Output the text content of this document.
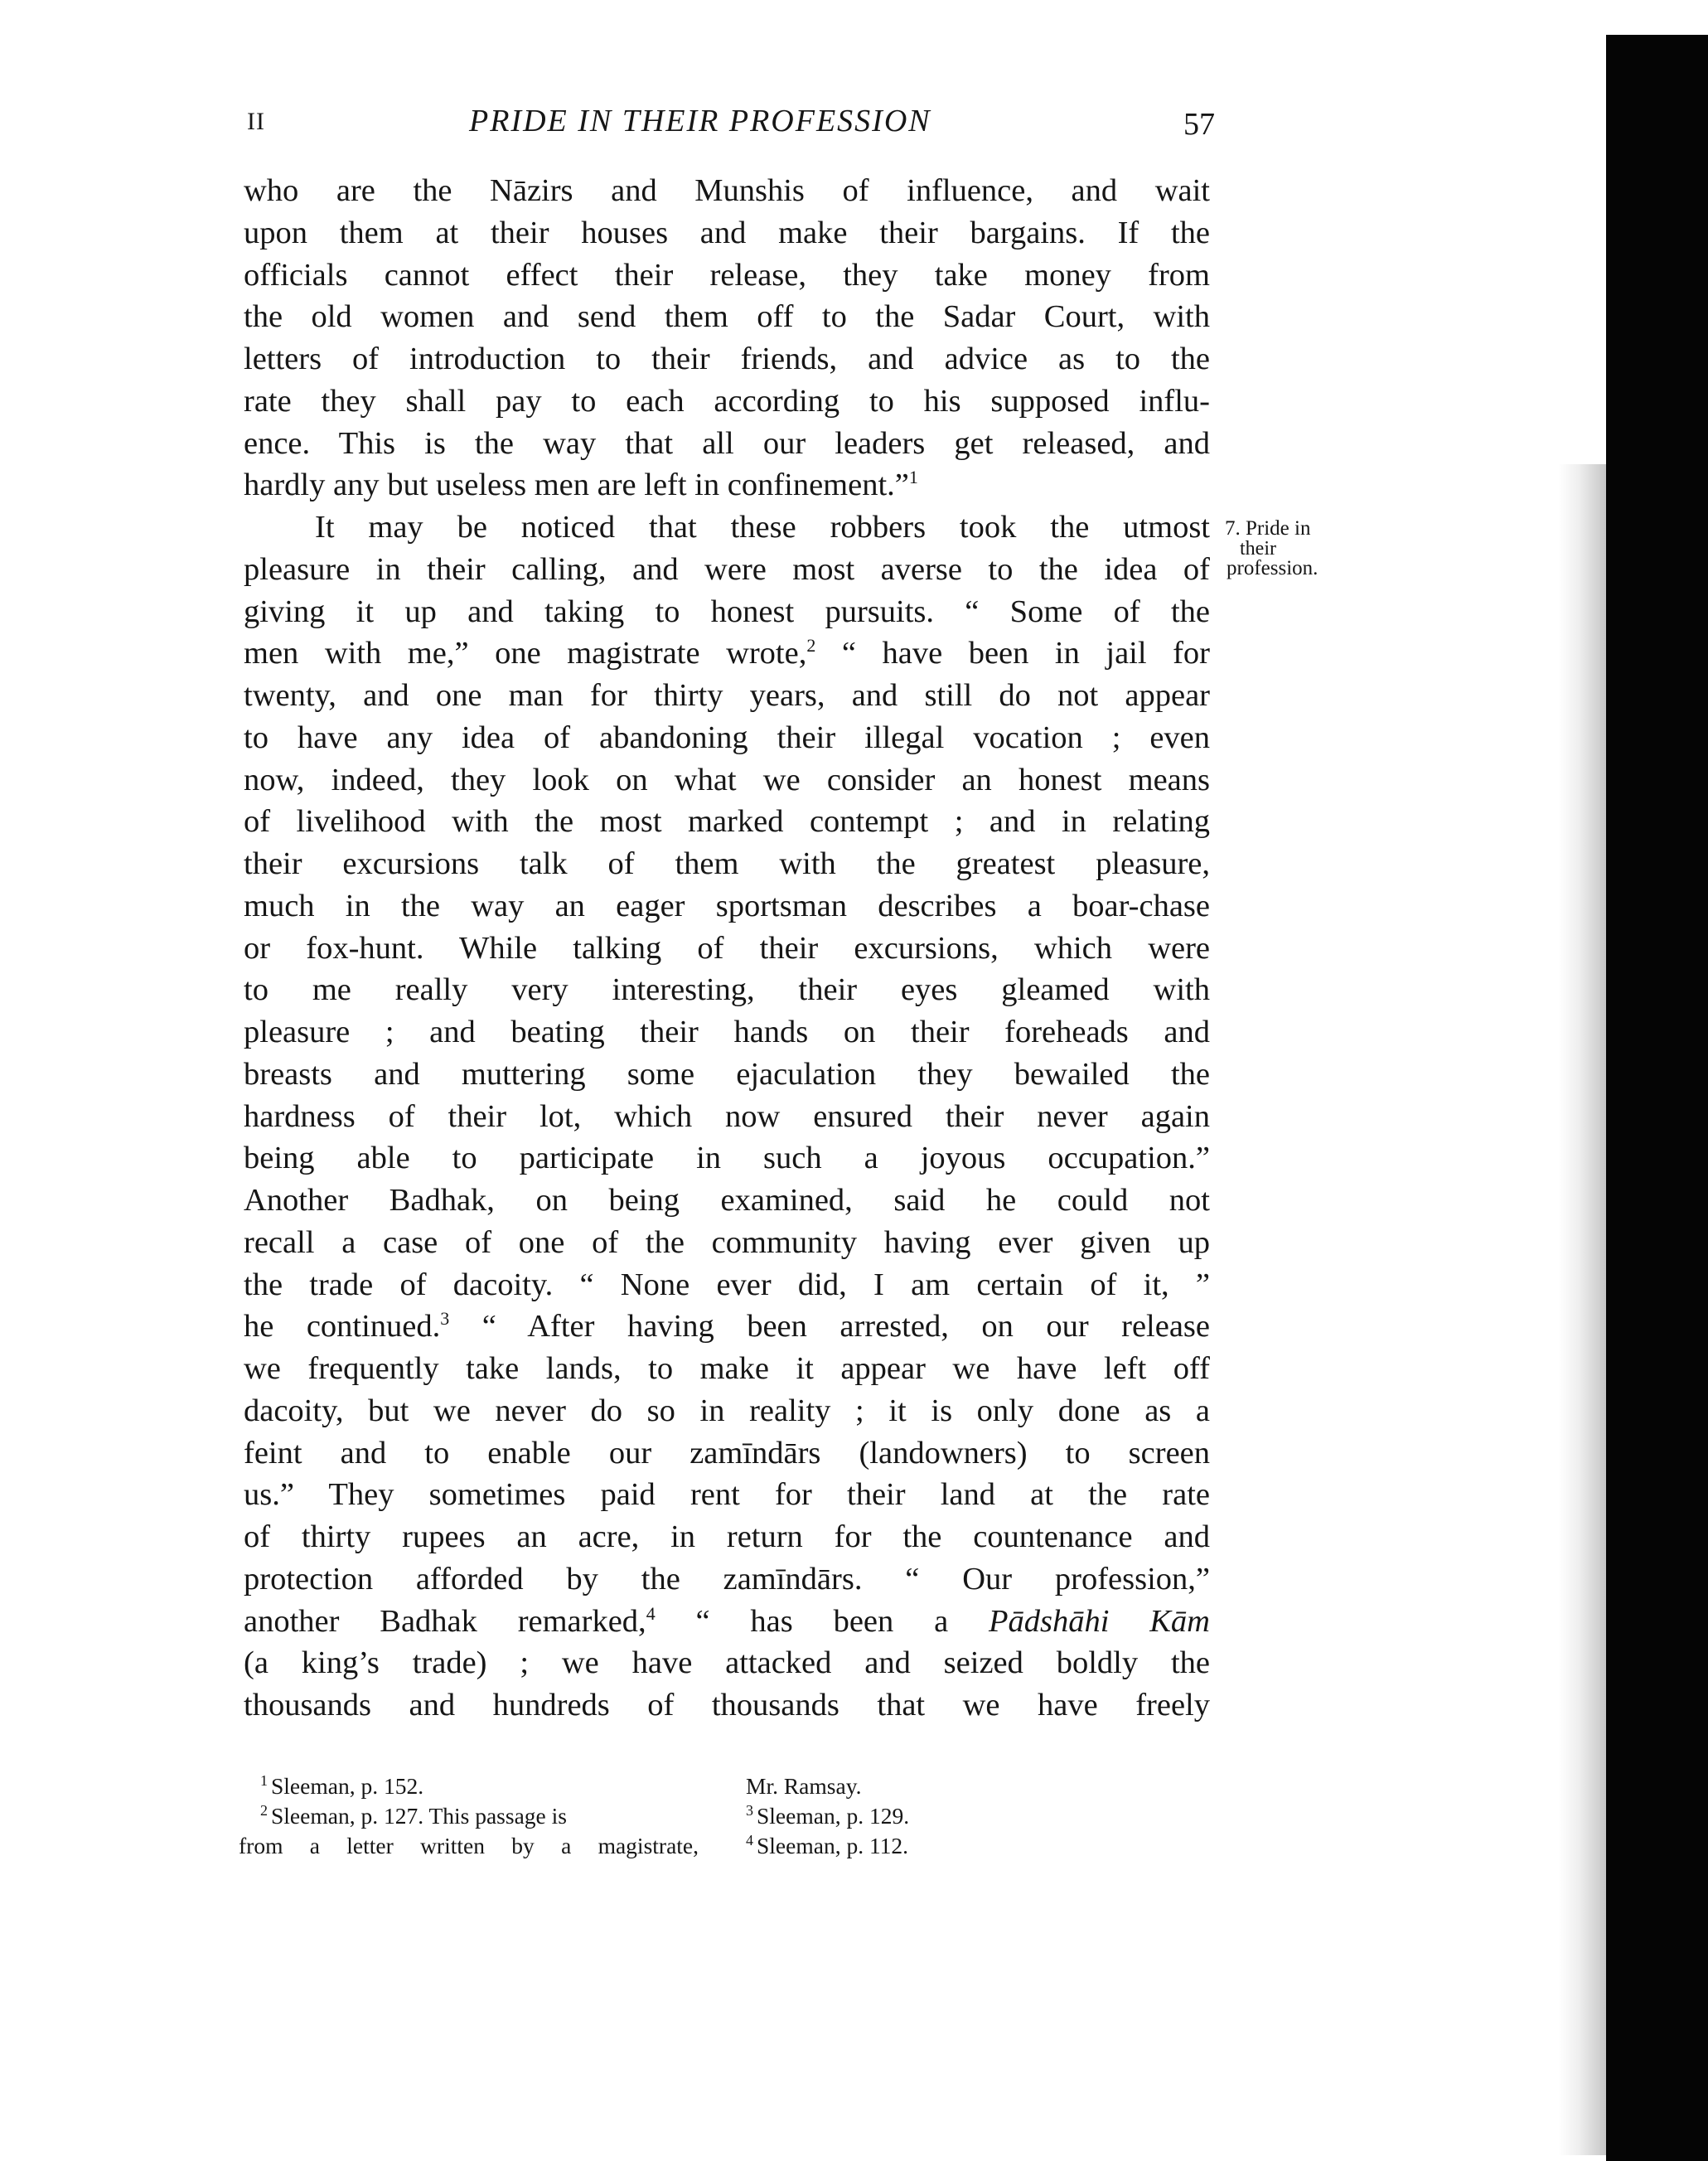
II	PRIDE IN THEIR PROFESSION	57
who are the Nāzirs and Munshis of influence, and wait
upon them at their houses and make their bargains. If the
officials cannot effect their release, they take money from
the old women and send them off to the Sadar Court, with
letters of introduction to their friends, and advice as to the
rate they shall pay to each according to his supposed influ-
ence. This is the way that all our leaders get released, and
hardly any but useless men are left in confinement.”$^1$
It may be noticed that these robbers took the utmost
pleasure in their calling, and were most averse to the idea of
giving it up and taking to honest pursuits. “ Some of the
men with me,” one magistrate wrote,$^2$ “ have been in jail for
twenty, and one man for thirty years, and still do not appear
to have any idea of abandoning their illegal vocation ; even
now, indeed, they look on what we consider an honest means
of livelihood with the most marked contempt ; and in relating
their excursions talk of them with the greatest pleasure,
much in the way an eager sportsman describes a boar-chase
or fox-hunt. While talking of their excursions, which were
to me really very interesting, their eyes gleamed with
pleasure ; and beating their hands on their foreheads and
breasts and muttering some ejaculation they bewailed the
hardness of their lot, which now ensured their never again
being able to participate in such a joyous occupation.”
Another Badhak, on being examined, said he could not
recall a case of one of the community having ever given up
the trade of dacoity. “ None ever did, I am certain of it, ”
he continued.$^3$ “ After having been arrested, on our release
we frequently take lands, to make it appear we have left off
dacoity, but we never do so in reality ; it is only done as a
feint and to enable our zamīndārs (landowners) to screen
us.” They sometimes paid rent for their land at the rate
of thirty rupees an acre, in return for the countenance and
protection afforded by the zamīndārs. “ Our profession,”
another Badhak remarked,$^4$ “ has been a Pādshāhi Kām
(a king’s trade) ; we have attacked and seized boldly the
thousands and hundreds of thousands that we have freely
7. Pride in
their
profession.
$^1$ Sleeman, p. 152.
$^2$ Sleeman, p. 127. This passage is
from a letter written by a magistrate,
Mr. Ramsay.
$^3$ Sleeman, p. 129.
$^4$ Sleeman, p. 112.
